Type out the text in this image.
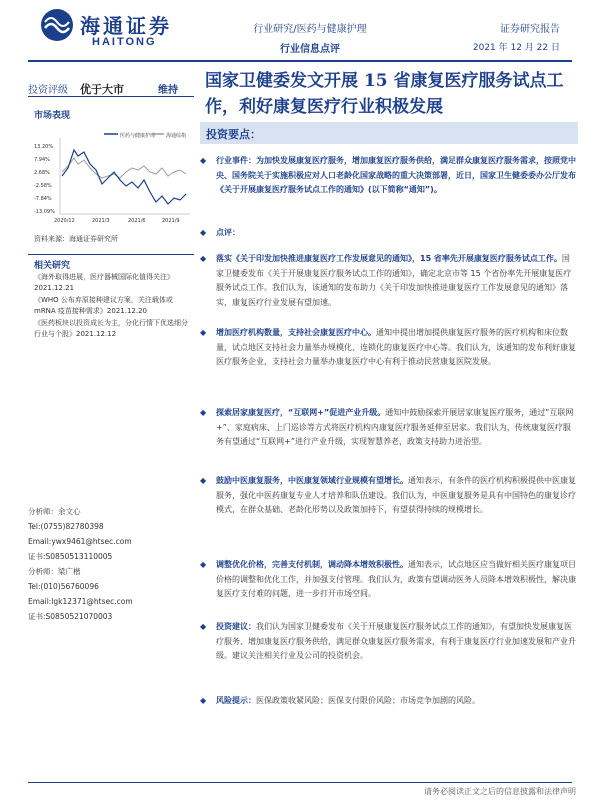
海通证券
HAITONG
行业研究/医药与健康护理
行业信息点评
证券研究报告
2021 年 12 月 22 日
投资评级 优于大市	维持 国家卫健委发文开展 15 省康复医疗服务试点工作，利好康复医疗行业积极发展
市场表现
医药与健康护理 海通综指
13.20%
7.94%
2.68%
-2.58%
-7.84%
-13.09%
2020/12	2021/3	2021/6	2021/9
资料来源：海通证券研究所
相关研究
《海外取得进展，医疗器械国际化值得关注》2021.12.21
《WHO 公布弃原接种建议方案，关注载体或 mRNA 疫苗接种需求》2021.12.20
《医药板块以投资成长为主，分化行情下优选细分行业与个股》2021.12.12
分析师：余文心
Tel:(0755)82780398
Email:ywx9461@htsec.com
证书:S0850513110005
分析师：梁广楷
Tel:(010)56760096
Email:lgk12371@htsec.com
证书:S0850521070003
投资要点：
◆ 行业事件：为加快发展康复医疗服务，增加康复医疗服务供给，满足群众康复医疗服务需求，按照党中央、国务院关于实施积极应对人口老龄化国家战略的重大决策部署，近日，国家卫生健委委办公厅发布《关于开展康复医疗服务试点工作的通知》(以下简称“通知”)。
◆ 点评：
◆ 落实《关于印发加快推进康复医疗工作发展意见的通知》，15 省率先开展康复医疗服务试点工作。国家卫健委发布《关于开展康复医疗服务试点工作的通知》，确定北京市等 15 个省份率先开展康复医疗服务试点工作。我们认为，该通知的发布助力《关于印发加快推进康复医疗工作发展意见的通知》落实，康复医疗行业发展有望加速。
◆ 增加医疗机构数量，支持社会康复医疗中心。通知中提出增加提供康复医疗服务的医疗机构和床位数量，试点地区支持社会力量举办规模化、连锁化的康复医疗中心等。我们认为，该通知的发布利好康复医疗服务企业，支持社会力量举办康复医疗中心有利于推动民营康复医院发展。
◆ 探索居家康复医疗，“互联网+”促进产业升级。通知中鼓励探索开展居家康复医疗服务，通过“互联网+”、家庭病床、上门巡诊等方式将医疗机构内康复医疗服务延伸至居家。我们认为，传统康复医疗服务有望通过“互联网+”进行产业升级，实现智慧养老，政策支持助力进治型。
◆ 鼓励中医康复服务，中医康复领域行业规模有望增长。通知表示，有条件的医疗机构积极提供中医康复服务，强化中医药康复专业人才培养和队伍建设。我们认为，中医康复服务是具有中国特色的康复诊疗模式，在群众基础、老龄化形势以及政策加持下，有望获得持续的规模增长。
◆ 调整优化价格，完善支付机制，调动降本增效积极性。通知表示，试点地区应当做好相关医疗康复项目价格的调整和优化工作，并加强支付管理。我们认为，政策有望调动医务人员降本增效积极性，解决康复医疗支付难的问题，进一步打开市场空间。
◆ 投资建议：我们认为国家卫健委发布《关于开展康复医疗服务试点工作的通知》，有望加快发展康复医疗服务、增加康复医疗服务供给，满足群众康复医疗服务需求，有利于康复医疗行业加速发展和产业升级。建议关注相关行业及公司的投资机会。
◆ 风险提示：医保政策收紧风险；医保支付限价风险；市场竞争加剧的风险。
请务必阅读正文之后的信息披露和法律声明
